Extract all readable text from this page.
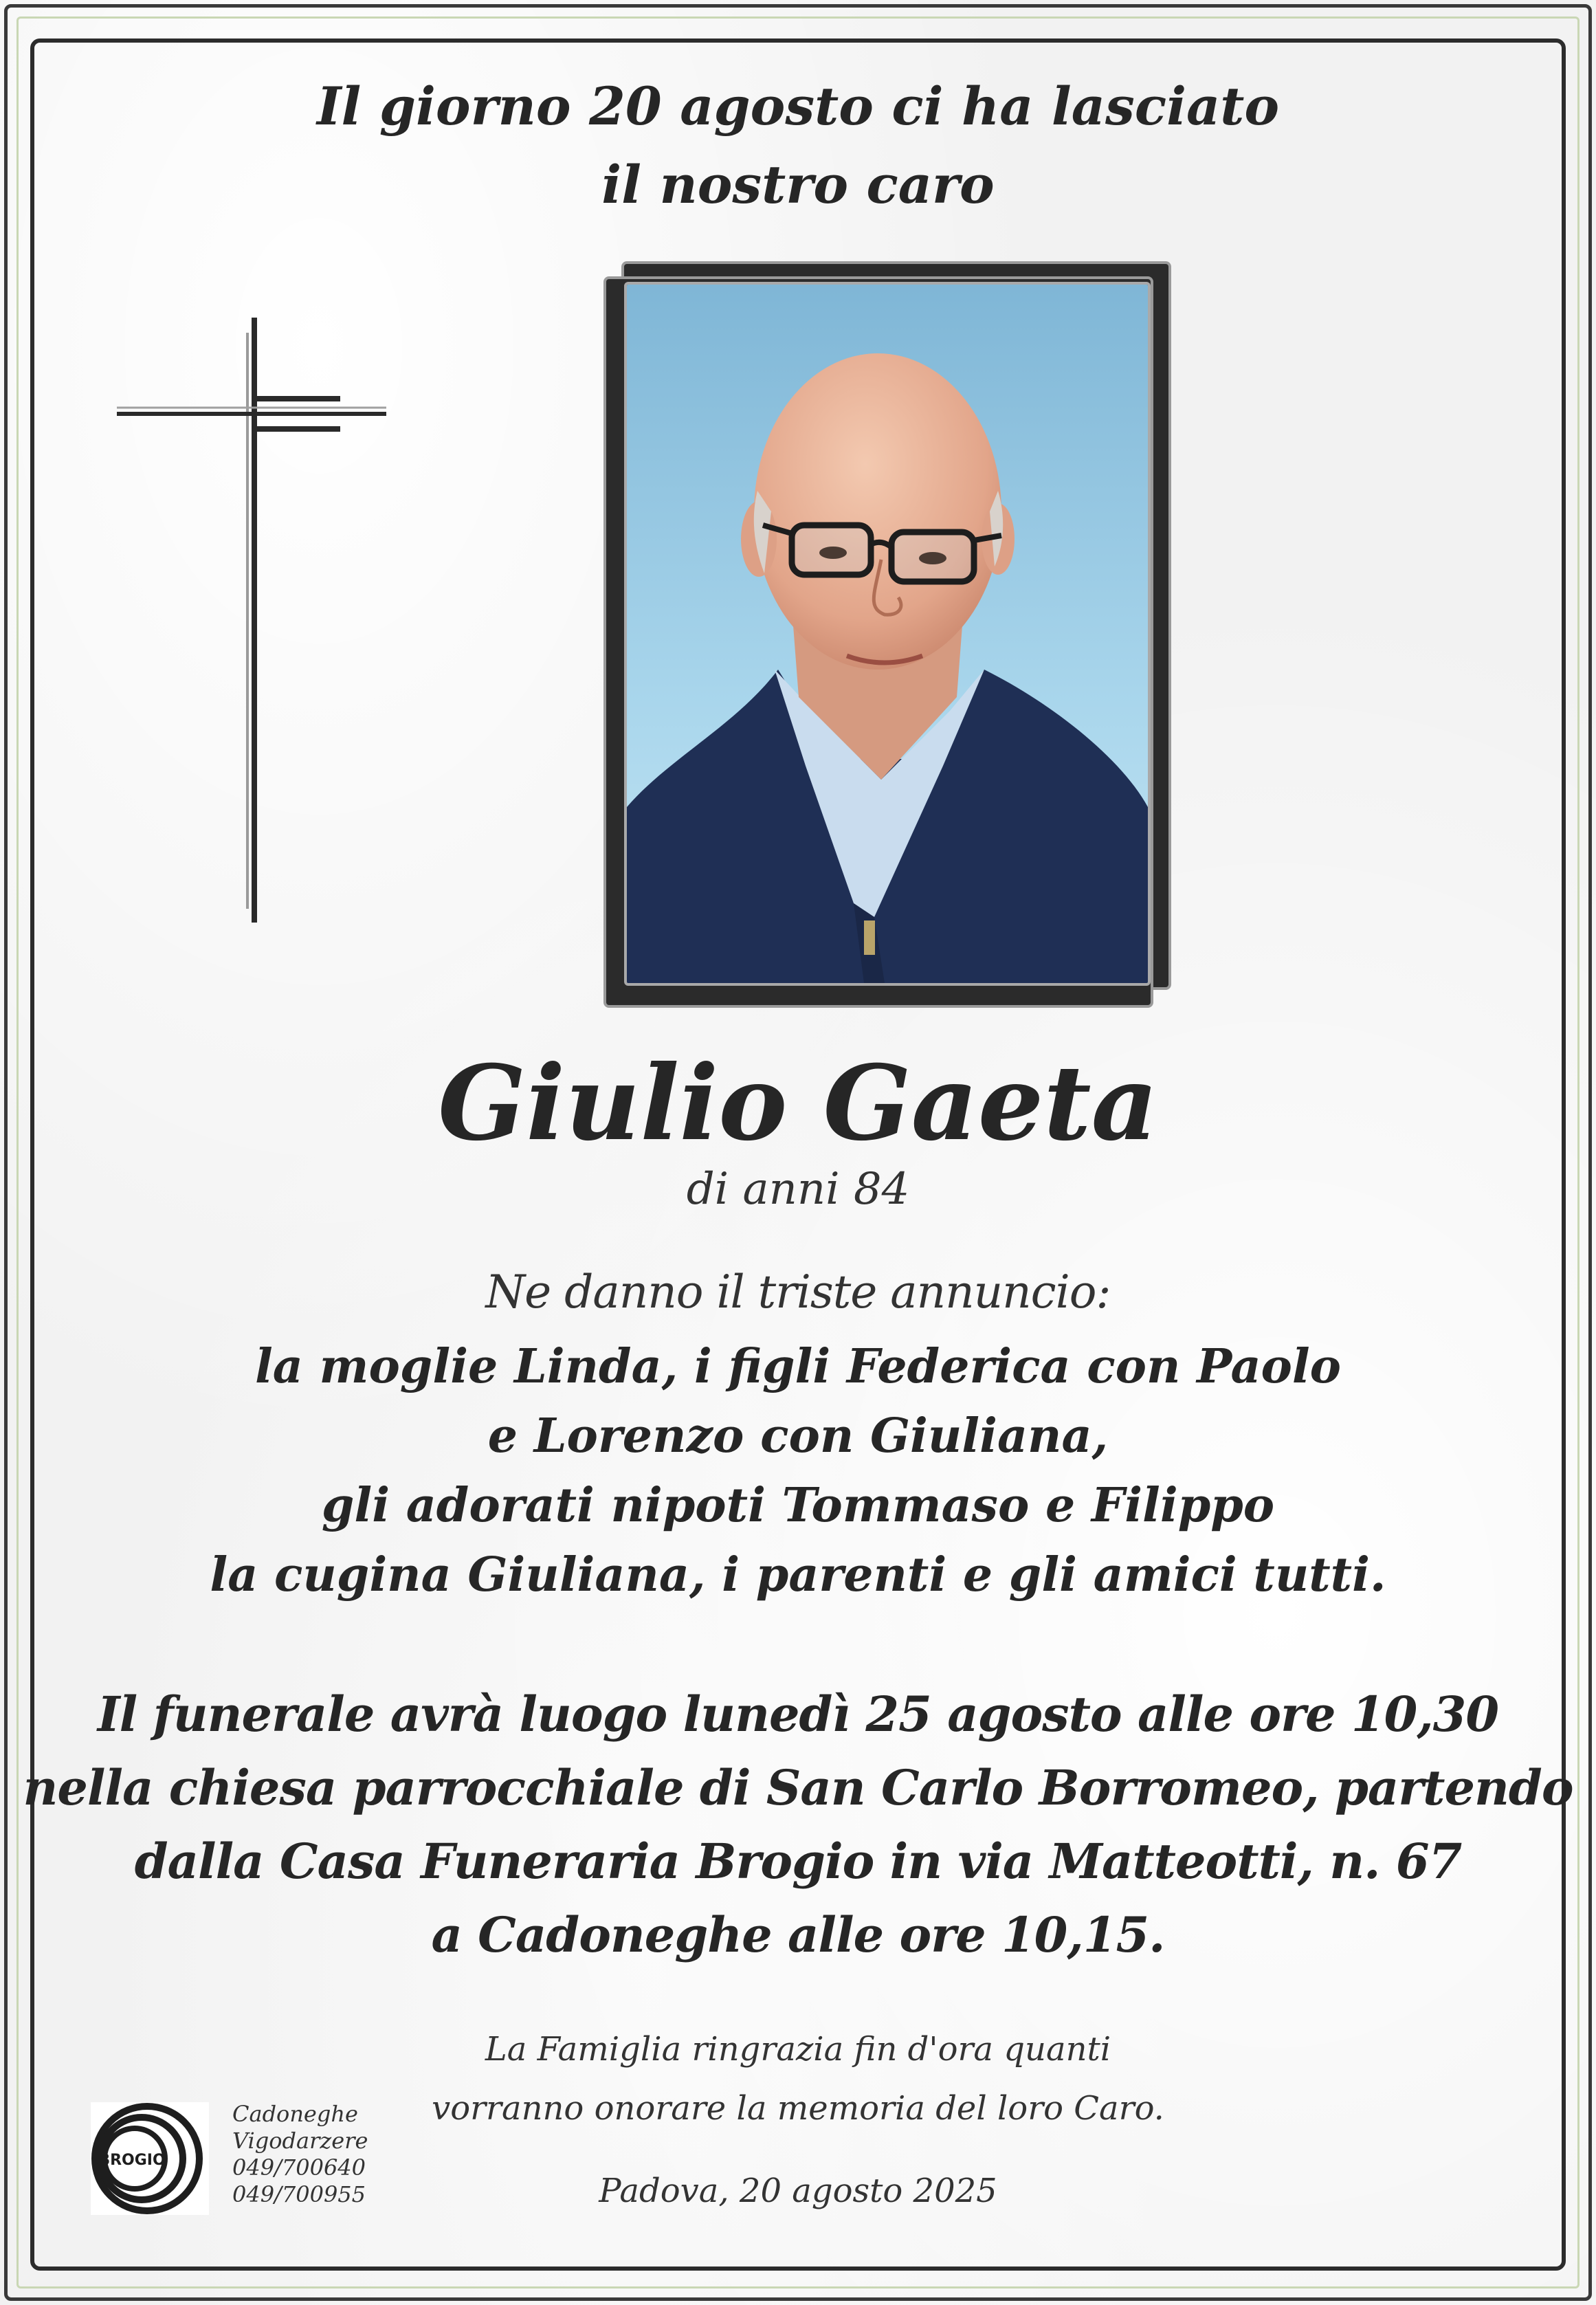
Il giorno 20 agosto ci ha lasciato
il nostro caro
Giulio Gaeta
di anni 84
Ne danno il triste annuncio:
la moglie Linda, i figli Federica con Paolo
e Lorenzo con Giuliana,
gli adorati nipoti Tommaso e Filippo
la cugina Giuliana, i parenti e gli amici tutti.
Il funerale avrà luogo lunedì 25 agosto alle ore 10,30
nella chiesa parrocchiale di San Carlo Borromeo, partendo
dalla Casa Funeraria Brogio in via Matteotti, n. 67
a Cadoneghe alle ore 10,15.
La Famiglia ringrazia fin d'ora quanti
vorranno onorare la memoria del loro Caro.
Padova, 20 agosto 2025
BROGIO
Cadoneghe
Vigodarzere
049/700640
049/700955
